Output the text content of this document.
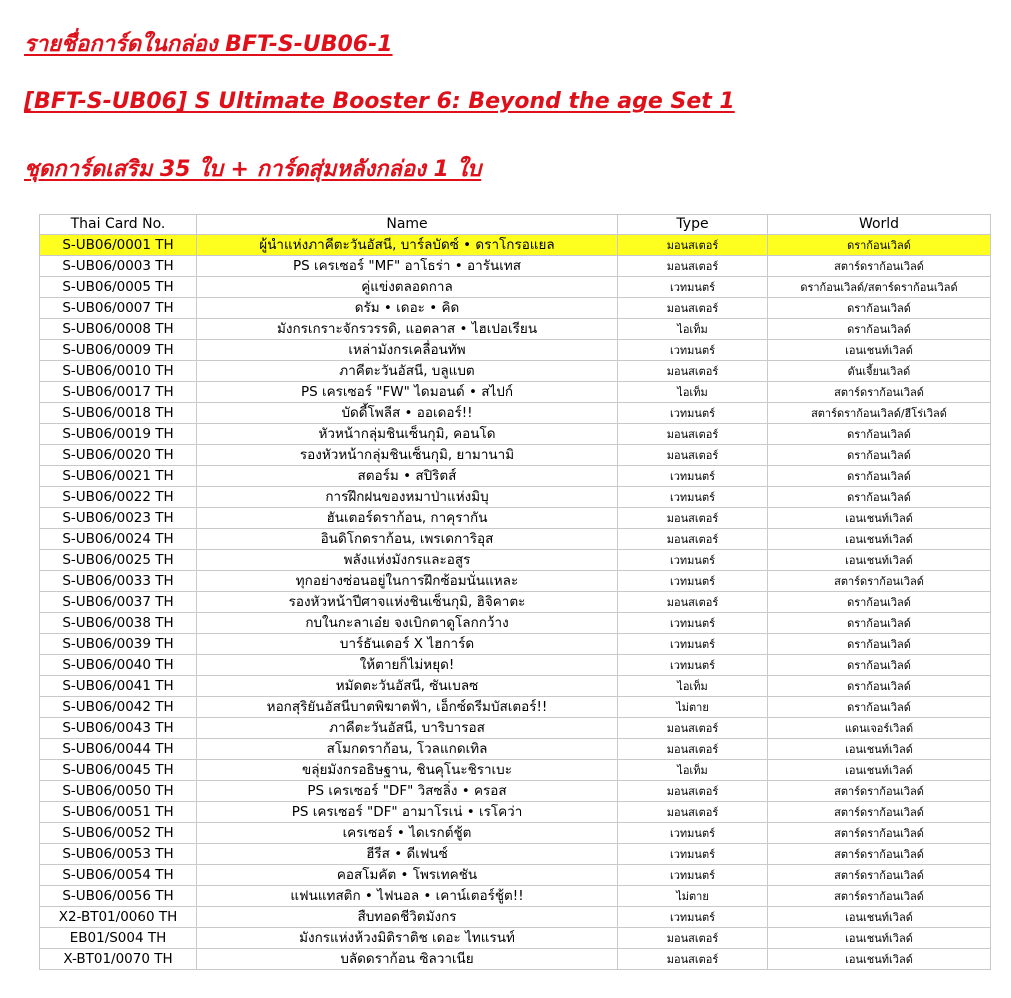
รายชื่อการ์ดในกล่อง BFT-S-UB06-1
[BFT-S-UB06] S Ultimate Booster 6: Beyond the age Set 1
ชุดการ์ดเสริม 35 ใบ + การ์ดสุ่มหลังกล่อง 1 ใบ
Thai Card No.	Name	Type	World
S-UB06/0001 TH	ผู้นำแห่งภาคีตะวันอัสนี, บาร์ลบัดซ์ • ดราโกรอแยล	มอนสเตอร์	ดราก้อนเวิลด์
S-UB06/0003 TH	PS เครเซอร์ "MF" อาโธร่า • อารันเทส	มอนสเตอร์	สตาร์ดราก้อนเวิลด์
S-UB06/0005 TH	คู่แข่งตลอดกาล	เวทมนตร์	ดราก้อนเวิลด์/สตาร์ดราก้อนเวิลด์
S-UB06/0007 TH	ดรัม • เดอะ • คิด	มอนสเตอร์	ดราก้อนเวิลด์
S-UB06/0008 TH	มังกรเกราะจักรวรรดิ, แอตลาส • ไฮเปอเรียน	ไอเท็ม	ดราก้อนเวิลด์
S-UB06/0009 TH	เหล่ามังกรเคลื่อนทัพ	เวทมนตร์	เอนเชนท์เวิลด์
S-UB06/0010 TH	ภาคีตะวันอัสนี, บลูแบต	มอนสเตอร์	ดันเจี้ยนเวิลด์
S-UB06/0017 TH	PS เครเซอร์ "FW" ไดมอนด์ • สไปก์	ไอเท็ม	สตาร์ดราก้อนเวิลด์
S-UB06/0018 TH	บัดดี้โพลีส • ออเดอร์!!	เวทมนตร์	สตาร์ดราก้อนเวิลด์/ฮีโร่เวิลด์
S-UB06/0019 TH	หัวหน้ากลุ่มชินเซ็นกุมิ, คอนโด	มอนสเตอร์	ดราก้อนเวิลด์
S-UB06/0020 TH	รองหัวหน้ากลุ่มชินเซ็นกุมิ, ยามานามิ	มอนสเตอร์	ดราก้อนเวิลด์
S-UB06/0021 TH	สตอร์ม • สปิริตส์	เวทมนตร์	ดราก้อนเวิลด์
S-UB06/0022 TH	การฝึกฝนของหมาป่าแห่งมิบุ	เวทมนตร์	ดราก้อนเวิลด์
S-UB06/0023 TH	ฮันเตอร์ดราก้อน, กาคุรากัน	มอนสเตอร์	เอนเชนท์เวิลด์
S-UB06/0024 TH	อินดิโกดราก้อน, เพรเดการิอุส	มอนสเตอร์	เอนเชนท์เวิลด์
S-UB06/0025 TH	พลังแห่งมังกรและอสูร	เวทมนตร์	เอนเชนท์เวิลด์
S-UB06/0033 TH	ทุกอย่างซ่อนอยู่ในการฝึกซ้อมนั่นแหละ	เวทมนตร์	สตาร์ดราก้อนเวิลด์
S-UB06/0037 TH	รองหัวหน้าปีศาจแห่งชินเซ็นกุมิ, ฮิจิคาตะ	มอนสเตอร์	ดราก้อนเวิลด์
S-UB06/0038 TH	กบในกะลาเอ๋ย จงเบิกตาดูโลกกว้าง	เวทมนตร์	ดราก้อนเวิลด์
S-UB06/0039 TH	บาร์ธันเดอร์ X ไฮการ์ด	เวทมนตร์	ดราก้อนเวิลด์
S-UB06/0040 TH	ให้ตายก็ไม่หยุด!	เวทมนตร์	ดราก้อนเวิลด์
S-UB06/0041 TH	หมัดตะวันอัสนี, ซันเบลซ	ไอเท็ม	ดราก้อนเวิลด์
S-UB06/0042 TH	หอกสุริยันอัสนีบาตพิฆาตฟ้า, เอ็กซ์ดรีมบัสเตอร์!!	ไม่ตาย	ดราก้อนเวิลด์
S-UB06/0043 TH	ภาคีตะวันอัสนี, บาริบารอส	มอนสเตอร์	แดนเจอร์เวิลด์
S-UB06/0044 TH	สโมกดราก้อน, โวลแกดเทิล	มอนสเตอร์	เอนเชนท์เวิลด์
S-UB06/0045 TH	ขลุ่ยมังกรอธิษฐาน, ชินคุโนะชิราเบะ	ไอเท็ม	เอนเชนท์เวิลด์
S-UB06/0050 TH	PS เครเซอร์ "DF" วิสซลิ่ง • ครอส	มอนสเตอร์	สตาร์ดราก้อนเวิลด์
S-UB06/0051 TH	PS เครเซอร์ "DF" อามาโรเน่ • เรโคว่า	มอนสเตอร์	สตาร์ดราก้อนเวิลด์
S-UB06/0052 TH	เครเซอร์ • ไดเรกต์ชู้ต	เวทมนตร์	สตาร์ดราก้อนเวิลด์
S-UB06/0053 TH	ฮีรีส • ดีเฟนซ์	เวทมนตร์	สตาร์ดราก้อนเวิลด์
S-UB06/0054 TH	คอสโมคัต • โพรเทคชัน	เวทมนตร์	สตาร์ดราก้อนเวิลด์
S-UB06/0056 TH	แฟนแทสติก • ไฟนอล • เคาน์เตอร์ชู้ต!!	ไม่ตาย	สตาร์ดราก้อนเวิลด์
X2-BT01/0060 TH	สืบทอดชีวิตมังกร	เวทมนตร์	เอนเชนท์เวิลด์
EB01/S004 TH	มังกรแห่งห้วงมิติราติช เดอะ ไทแรนท์	มอนสเตอร์	เอนเชนท์เวิลด์
X-BT01/0070 TH	บลัดดราก้อน ซิลวาเนีย	มอนสเตอร์	เอนเชนท์เวิลด์
